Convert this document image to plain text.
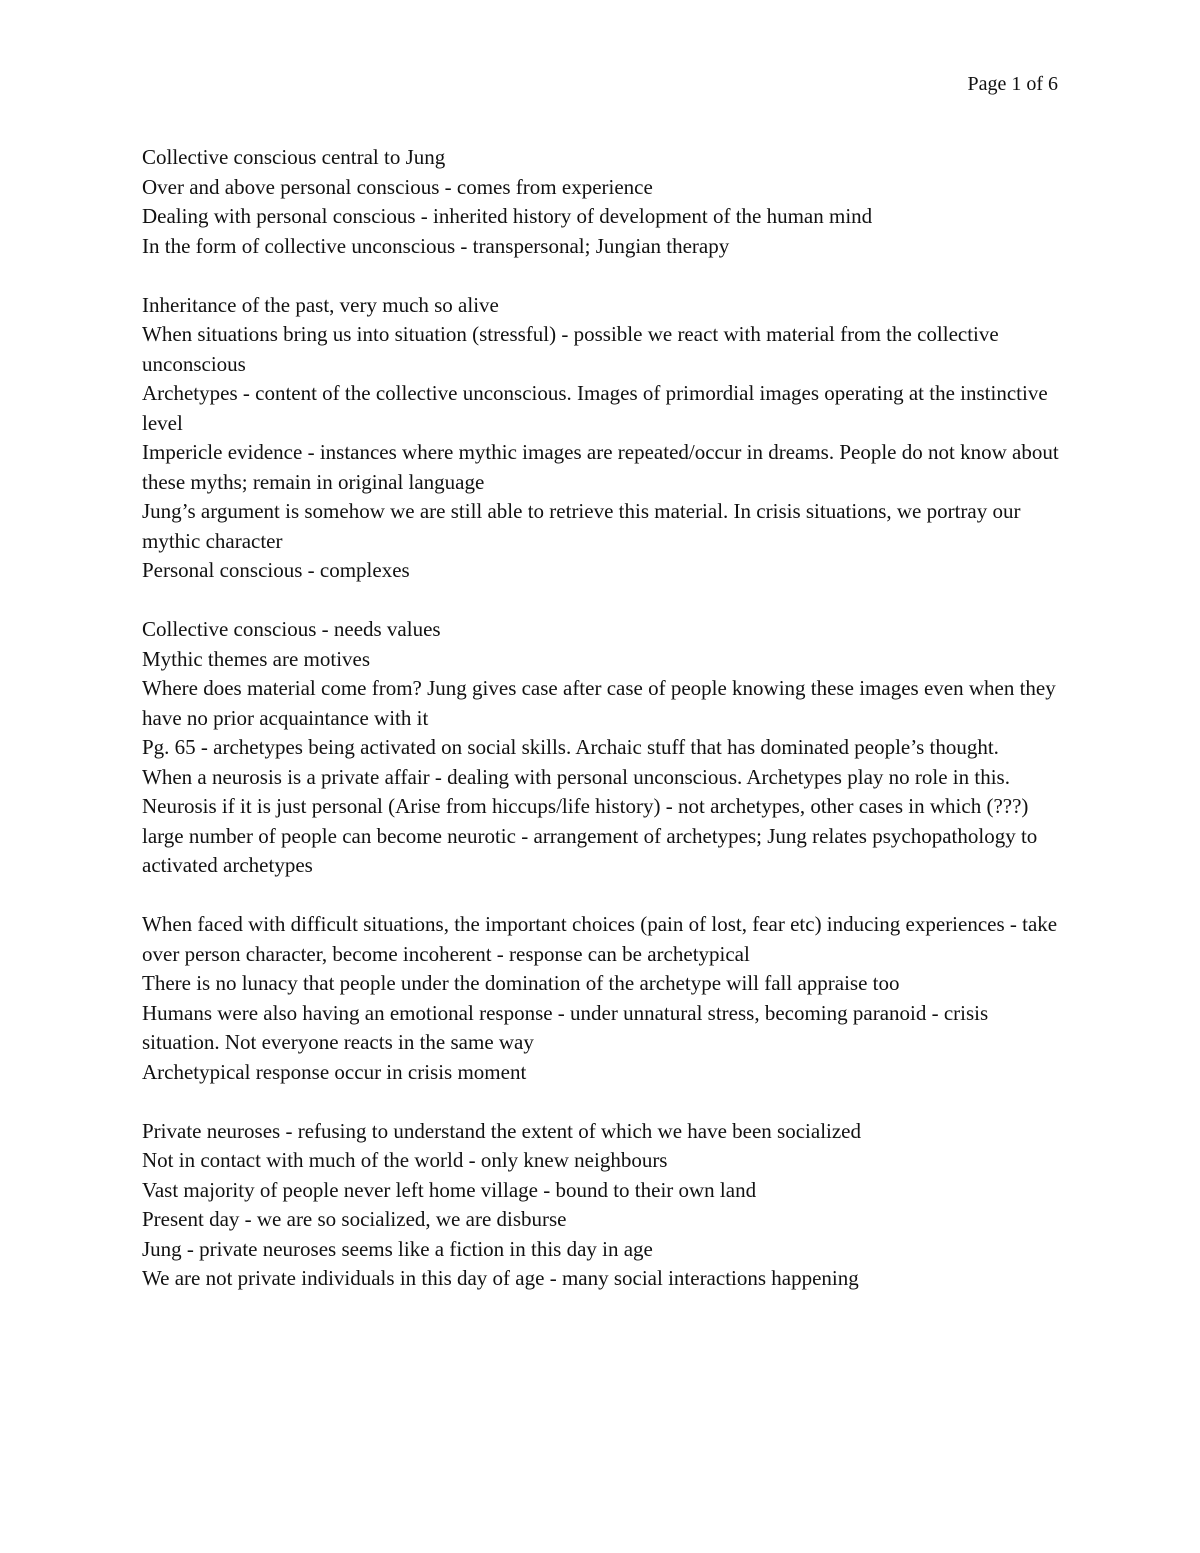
Page 1 of 6
Collective conscious central to Jung
Over and above personal conscious - comes from experience
Dealing with personal conscious - inherited history of development of the human mind
In the form of collective unconscious - transpersonal; Jungian therapy
Inheritance of the past, very much so alive
When situations bring us into situation (stressful) - possible we react with material from the collective unconscious
Archetypes - content of the collective unconscious. Images of primordial images operating at the instinctive level
Impericle evidence - instances where mythic images are repeated/occur in dreams. People do not know about these myths; remain in original language
Jung’s argument is somehow we are still able to retrieve this material. In crisis situations, we portray our mythic character
Personal conscious - complexes
Collective conscious - needs values
Mythic themes are motives
Where does material come from? Jung gives case after case of people knowing these images even when they have no prior acquaintance with it
Pg. 65 - archetypes being activated on social skills. Archaic stuff that has dominated people’s thought.
When a neurosis is a private affair - dealing with personal unconscious. Archetypes play no role in this.
Neurosis if it is just personal (Arise from hiccups/life history) - not archetypes, other cases in which (???)
large number of people can become neurotic - arrangement of archetypes; Jung relates psychopathology to activated archetypes
When faced with difficult situations, the important choices (pain of lost, fear etc) inducing experiences - take over person character, become incoherent - response can be archetypical
There is no lunacy that people under the domination of the archetype will fall appraise too
Humans were also having an emotional response - under unnatural stress, becoming paranoid - crisis situation. Not everyone reacts in the same way
Archetypical response occur in crisis moment
Private neuroses - refusing to understand the extent of which we have been socialized
Not in contact with much of the world - only knew neighbours
Vast majority of people never left home village - bound to their own land
Present day - we are so socialized, we are disburse
Jung - private neuroses seems like a fiction in this day in age
We are not private individuals in this day of age - many social interactions happening
